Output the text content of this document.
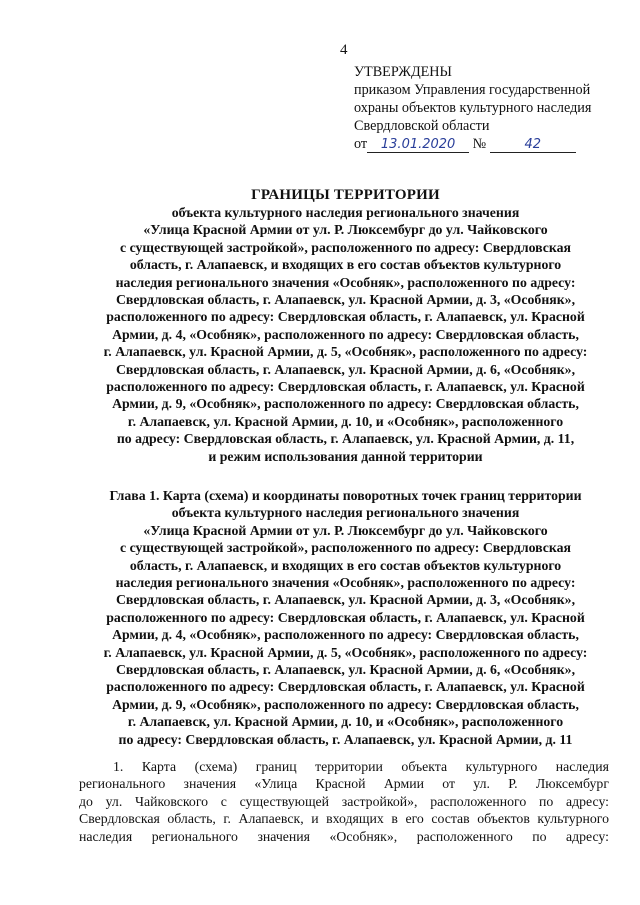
4
УТВЕРЖДЕНЫ
приказом Управления государственной
охраны объектов культурного наследия
Свердловской области
от 13.01.2020 №	42
ГРАНИЦЫ ТЕРРИТОРИИ
объекта культурного наследия регионального значения
«Улица Красной Армии от ул. Р. Люксембург до ул. Чайковского
с существующей застройкой», расположенного по адресу: Свердловская
область, г. Алапаевск, и входящих в его состав объектов культурного
наследия регионального значения «Особняк», расположенного по адресу:
Свердловская область, г. Алапаевск, ул. Красной Армии, д. 3, «Особняк»,
расположенного по адресу: Свердловская область, г. Алапаевск, ул. Красной
Армии, д. 4, «Особняк», расположенного по адресу: Свердловская область,
г. Алапаевск, ул. Красной Армии, д. 5, «Особняк», расположенного по адресу:
Свердловская область, г. Алапаевск, ул. Красной Армии, д. 6, «Особняк»,
расположенного по адресу: Свердловская область, г. Алапаевск, ул. Красной
Армии, д. 9, «Особняк», расположенного по адресу: Свердловская область,
г. Алапаевск, ул. Красной Армии, д. 10, и «Особняк», расположенного
по адресу: Свердловская область, г. Алапаевск, ул. Красной Армии, д. 11,
и режим использования данной территории
Глава 1. Карта (схема) и координаты поворотных точек границ территории
объекта культурного наследия регионального значения
«Улица Красной Армии от ул. Р. Люксембург до ул. Чайковского
с существующей застройкой», расположенного по адресу: Свердловская
область, г. Алапаевск, и входящих в его состав объектов культурного
наследия регионального значения «Особняк», расположенного по адресу:
Свердловская область, г. Алапаевск, ул. Красной Армии, д. 3, «Особняк»,
расположенного по адресу: Свердловская область, г. Алапаевск, ул. Красной
Армии, д. 4, «Особняк», расположенного по адресу: Свердловская область,
г. Алапаевск, ул. Красной Армии, д. 5, «Особняк», расположенного по адресу:
Свердловская область, г. Алапаевск, ул. Красной Армии, д. 6, «Особняк»,
расположенного по адресу: Свердловская область, г. Алапаевск, ул. Красной
Армии, д. 9, «Особняк», расположенного по адресу: Свердловская область,
г. Алапаевск, ул. Красной Армии, д. 10, и «Особняк», расположенного
по адресу: Свердловская область, г. Алапаевск, ул. Красной Армии, д. 11
1. Карта (схема) границ территории объекта культурного наследия
регионального значения «Улица Красной Армии от ул. Р. Люксембург
до ул. Чайковского с существующей застройкой», расположенного по адресу:
Свердловская область, г. Алапаевск, и входящих в его состав объектов культурного
наследия регионального значения «Особняк», расположенного по адресу:
